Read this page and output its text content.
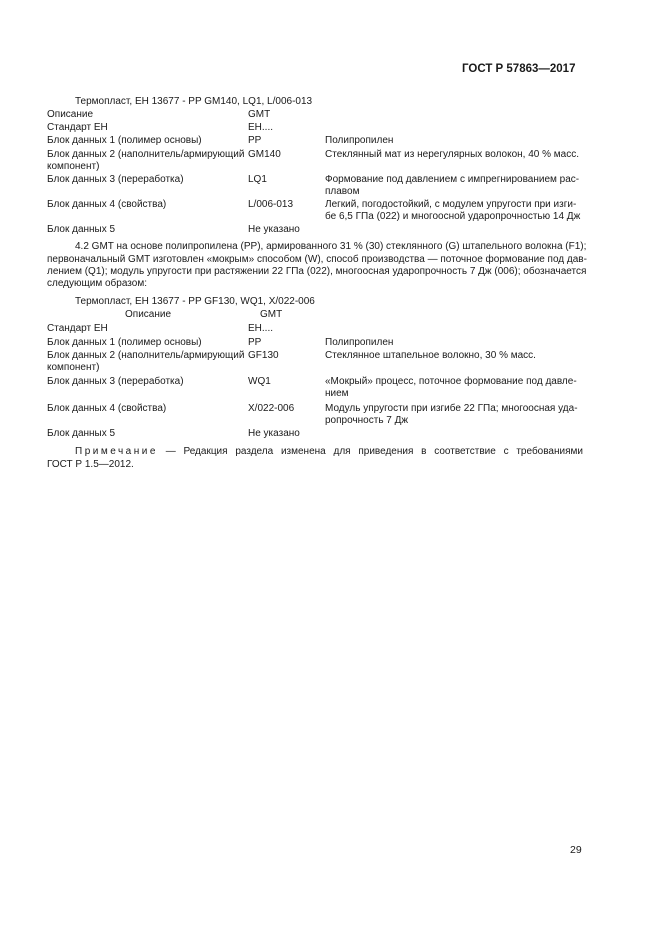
ГОСТ Р 57863—2017
Термопласт, ЕН 13677 - PP GM140, LQ1, L/006-013
Описание	GMT
Стандарт ЕН	ЕН....
Блок данных 1 (полимер основы)	PP	Полипропилен
Блок данных 2 (наполнитель/армирующий
компонент)
GM140	Стеклянный мат из нерегулярных волокон, 40 % масс.
Блок данных 3 (переработка)	LQ1	Формование под давлением с импрегнированием рас-
плавом
Блок данных 4 (свойства)	L/006-013	Легкий, погодостойкий, с модулем упругости при изги-
бе 6,5 ГПа (022) и многоосной ударопрочностью 14 Дж
Блок данных 5	Не указано
4.2 GMT на основе полипропилена (PP), армированного 31 % (30) стеклянного (G) штапельного волокна (F1);
первоначальный GMT изготовлен «мокрым» способом (W), способ производства — поточное формование под дав-
лением (Q1); модуль упругости при растяжении 22 ГПа (022), многоосная ударопрочность 7 Дж (006); обозначается
следующим образом:
Термопласт, ЕН 13677 - PP GF130, WQ1, X/022-006
Описание	GMT
Стандарт ЕН	ЕН....
Блок данных 1 (полимер основы)	PP	Полипропилен
Блок данных 2 (наполнитель/армирующий
компонент)
GF130	Стеклянное штапельное волокно, 30 % масс.
Блок данных 3 (переработка)	WQ1	«Мокрый» процесс, поточное формование под давле-
нием
Блок данных 4 (свойства)	X/022-006	Модуль упругости при изгибе 22 ГПа; многоосная уда-
ропрочность 7 Дж
Блок данных 5	Не указано
Примечание — Редакция раздела изменена для приведения в соответствие с требованиями
ГОСТ Р 1.5—2012.
29
